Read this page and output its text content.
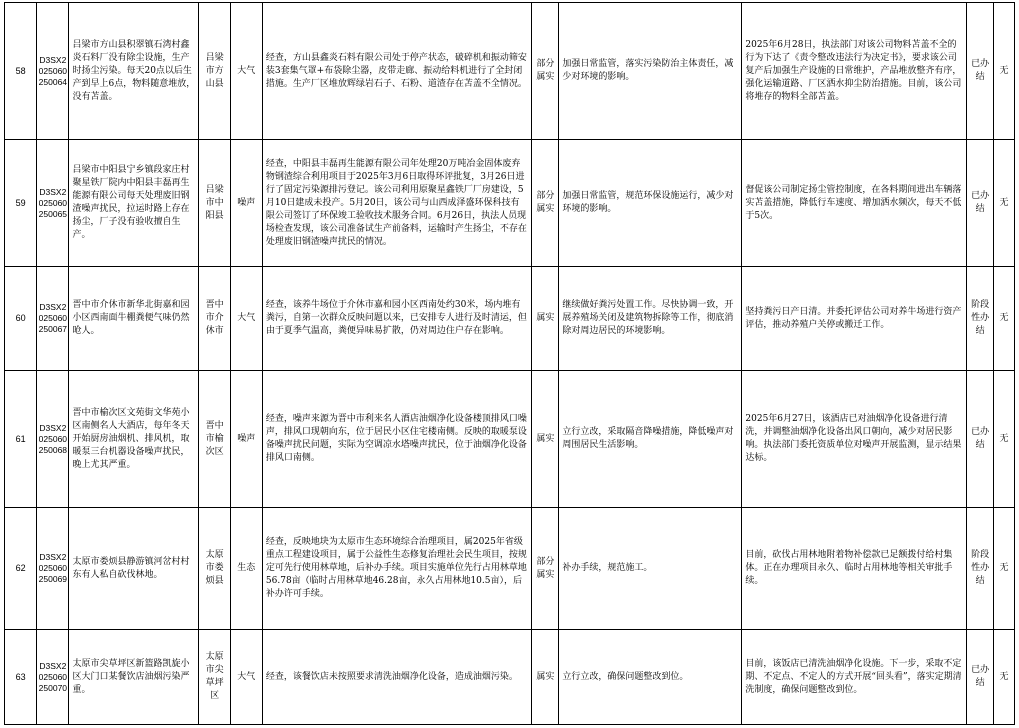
58	D3SX2025060250064	吕梁市方山县积翠镇石湾村鑫炎石料厂没有除尘设施，生产时扬尘污染。每天20点以后生产到早上6点，物料随意堆放，没有苫盖。	吕梁市方山县	大气	经查，方山县鑫炎石料有限公司处于停产状态，破碎机和振动筛安装3套集气罩+布袋除尘器，皮带走廊、振动给料机进行了全封闭措施。生产厂区堆放辉绿岩石子、石粉、道渣存在苫盖不全情况。	部分属实	加强日常监管，落实污染防治主体责任，减少对环境的影响。	2025年6月28日，执法部门对该公司物料苫盖不全的行为下达了《责令整改违法行为决定书》，要求该公司复产后加强生产设施的日常维护，产品堆放整齐有序，强化运输道路、厂区洒水抑尘防治措施。目前，该公司将堆存的物料全部苫盖。	已办结	无
59	D3SX2025060250065	吕梁市中阳县宁乡镇段家庄村聚星铁厂院内中阳县丰磊再生能源有限公司每天处理废旧钢渣噪声扰民，拉运时路上存在扬尘，厂子没有验收擅自生产。	吕梁市中阳县	噪声	经查，中阳县丰磊再生能源有限公司年处理20万吨冶金固体废弃物钢渣综合利用项目于2025年3月6日取得环评批复，3月26日进行了固定污染源排污登记。该公司利用原聚星鑫铁厂厂房建设，5月10日建成未投产。5月20日，该公司与山西成泽盛环保科技有限公司签订了环保竣工验收技术服务合同。6月26日，执法人员现场检查发现，该公司准备试生产前备料，运输时产生扬尘，不存在处理废旧钢渣噪声扰民的情况。	部分属实	加强日常监管，规范环保设施运行，减少对环境的影响。	督促该公司制定扬尘管控制度，在各料期间进出车辆落实苫盖措施，降低行车速度、增加洒水频次，每天不低于5次。	已办结	无
60	D3SX2025060250067	晋中市介休市新华北街嘉和园小区西南面牛棚粪便气味仍然呛人。	晋中市介休市	大气	经查，该养牛场位于介休市嘉和园小区西南处约30米，场内堆有粪污，自第一次群众反映问题以来，已安排专人进行及时清运，但由于夏季气温高，粪便异味易扩散，仍对周边住户存在影响。	属实	继续做好粪污处置工作。尽快协调一致，开展养殖场关闭及建筑物拆除等工作，彻底消除对周边居民的环境影响。	坚持粪污日产日清。并委托评估公司对养牛场进行资产评估，推动养殖户关停或搬迁工作。	阶段性办结	无
61	D3SX2025060250068	晋中市榆次区文苑街文华苑小区南侧名人大酒店，每年冬天开始厨房油烟机、排风机，取暖泵三台机器设备噪声扰民，晚上尤其严重。	晋中市榆次区	噪声	经查，噪声来源为晋中市利来名人酒店油烟净化设备楼顶排风口噪声，排风口现朝向东，位于居民小区住宅楼南侧。反映的取暖泵设备噪声扰民问题，实际为空调凉水塔噪声扰民，位于油烟净化设备排风口南侧。	属实	立行立改，采取隔音降噪措施，降低噪声对周围居民生活影响。	2025年6月27日，该酒店已对油烟净化设备进行清洗，并调整油烟净化设备出风口朝向，减少对居民影响。执法部门委托资质单位对噪声开展监测，显示结果达标。	已办结	无
62	D3SX2025060250069	太原市娄烦县静游镇河岔村村东有人私自砍伐林地。	太原市娄烦县	生态	经查，反映地块为太原市生态环境综合治理项目，属2025年省级重点工程建设项目，属于公益性生态修复治理社会民生项目，按规定可先行使用林草地，后补办手续。项目实施单位先行占用林草地56.78亩（临时占用林草地46.28亩，永久占用林地10.5亩），后补办许可手续。	部分属实	补办手续，规范施工。	目前，砍伐占用林地附着物补偿款已足额拨付给村集体。正在办理项目永久、临时占用林地等相关审批手续。	阶段性办结	无
63	D3SX2025060250070	太原市尖草坪区新篮路凯旋小区大门口某餐饮店油烟污染严重。	太原市尖草坪区	大气	经查，该餐饮店未按照要求清洗油烟净化设备，造成油烟污染。	属实	立行立改，确保问题整改到位。	目前，该饭店已清洗油烟净化设施。下一步，采取不定期、不定点、不定人的方式开展“回头看”，落实定期清洗制度，确保问题整改到位。	已办结	无
